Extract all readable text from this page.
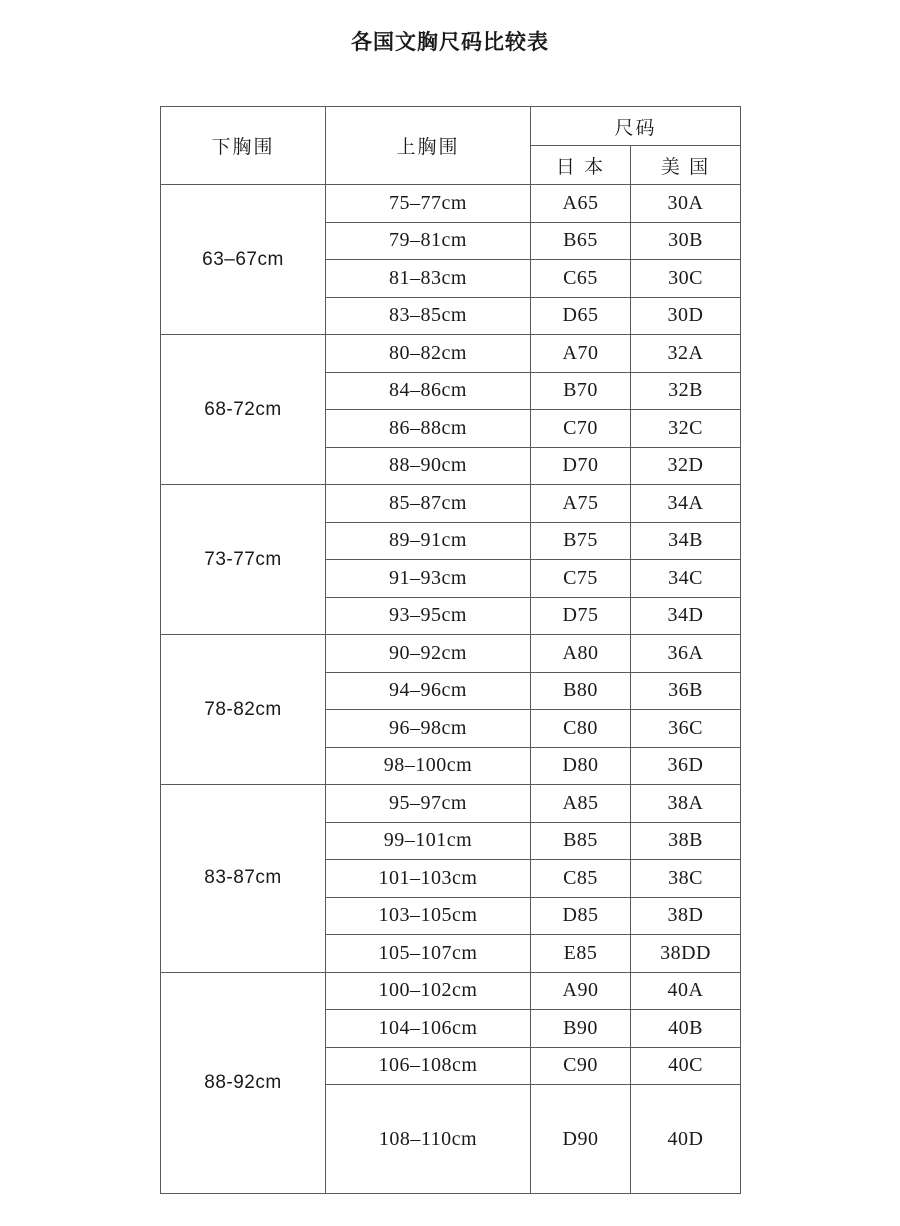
各国文胸尺码比较表
下胸围	上胸围	尺码	
		日 本	美 国
63–67cm	75–77cm	A65	30A
	79–81cm	B65	30B
	81–83cm	C65	30C
	83–85cm	D65	30D
68-72cm	80–82cm	A70	32A
	84–86cm	B70	32B
	86–88cm	C70	32C
	88–90cm	D70	32D
73-77cm	85–87cm	A75	34A
	89–91cm	B75	34B
	91–93cm	C75	34C
	93–95cm	D75	34D
78-82cm	90–92cm	A80	36A
	94–96cm	B80	36B
	96–98cm	C80	36C
	98–100cm	D80	36D
83-87cm	95–97cm	A85	38A
	99–101cm	B85	38B
	101–103cm	C85	38C
	103–105cm	D85	38D
	105–107cm	E85	38DD
88-92cm	100–102cm	A90	40A
	104–106cm	B90	40B
	106–108cm	C90	40C
	108–110cm	D90	40D
